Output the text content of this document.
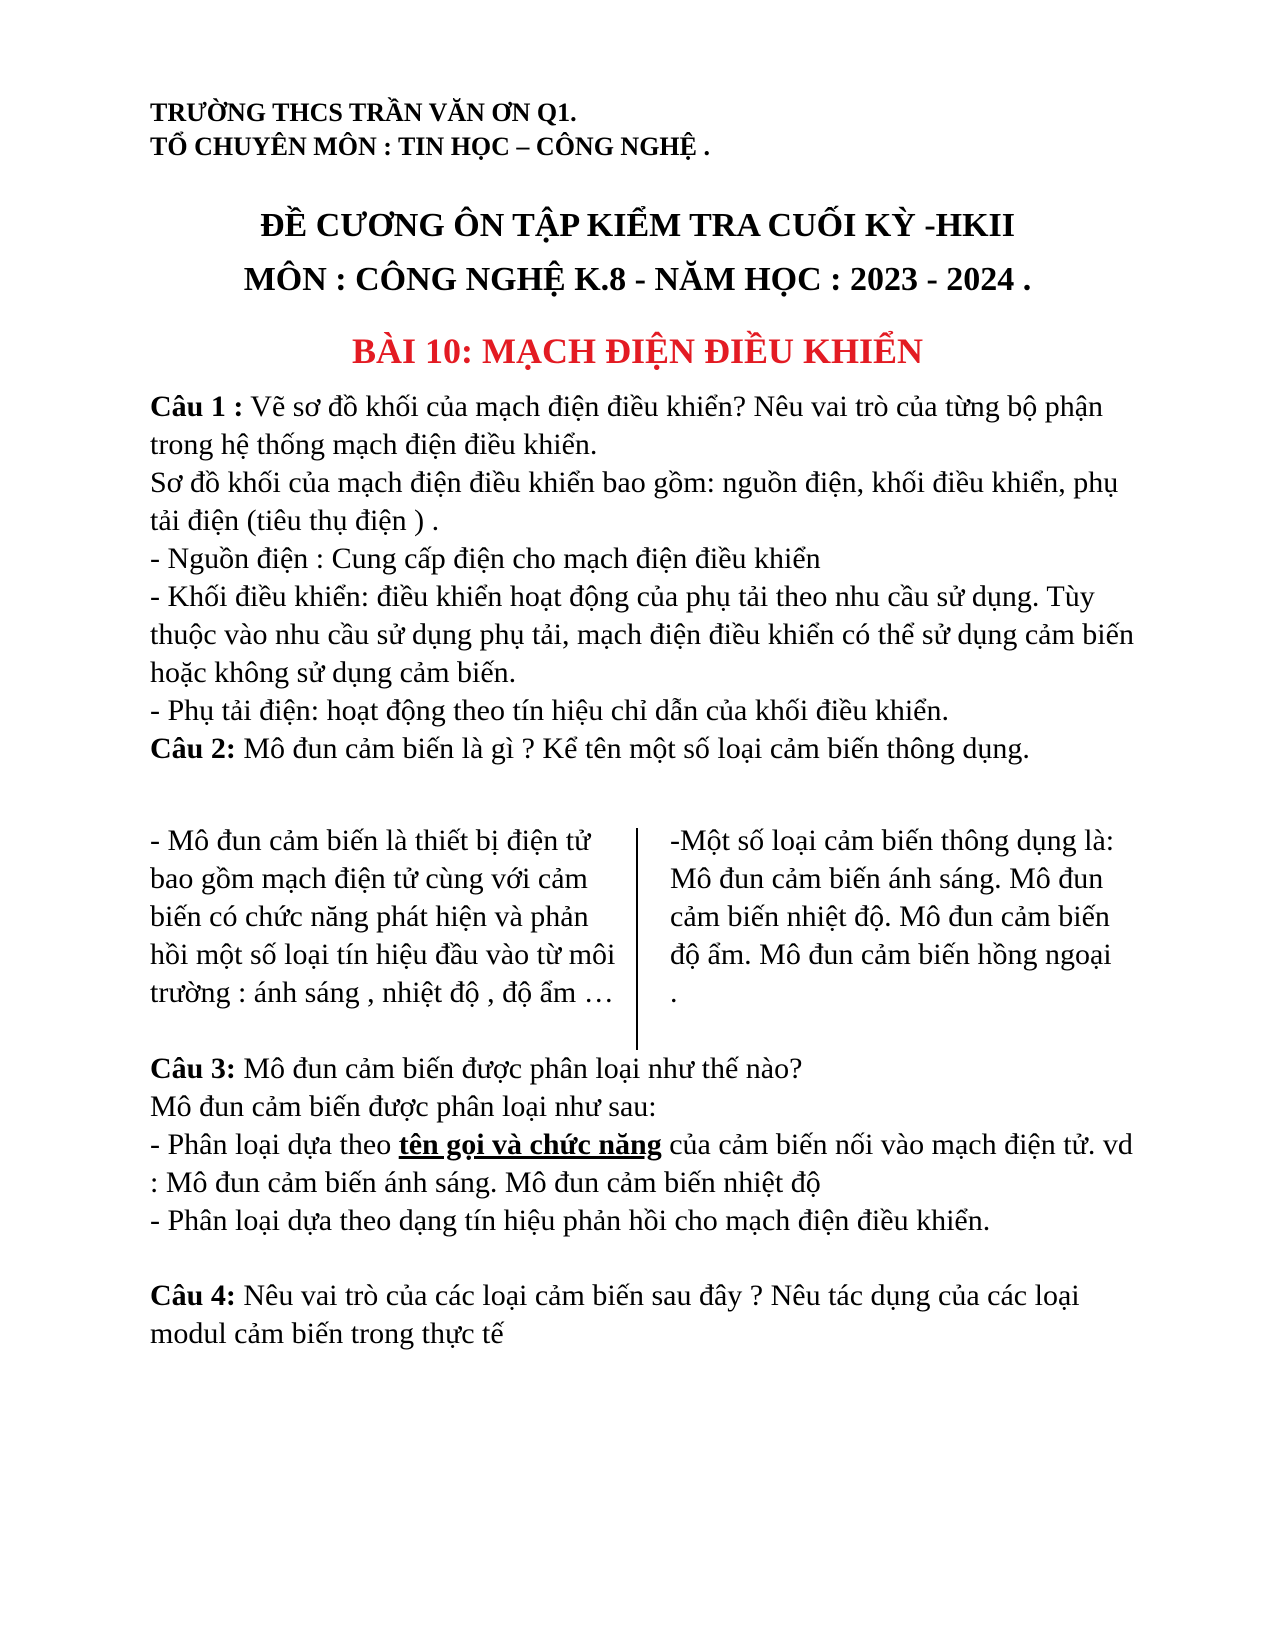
TRƯỜNG THCS TRẦN VĂN ƠN Q1.

TỔ CHUYÊN MÔN : TIN HỌC – CÔNG NGHỆ .

ĐỀ CƯƠNG ÔN TẬP KIỂM TRA CUỐI KỲ -HKII

MÔN : CÔNG NGHỆ K.8 - NĂM HỌC : 2023 - 2024 .

BÀI 10: MẠCH ĐIỆN ĐIỀU KHIỂN

Câu 1 : Vẽ sơ đồ khối của mạch điện điều khiển? Nêu vai trò của từng bộ phận trong hệ thống mạch điện điều khiển.

Sơ đồ khối của mạch điện điều khiển bao gồm: nguồn điện, khối điều khiển, phụ tải điện (tiêu thụ điện ) .

- Nguồn điện : Cung cấp điện cho mạch điện điều khiển

- Khối điều khiển: điều khiển hoạt động của phụ tải theo nhu cầu sử dụng. Tùy thuộc vào nhu cầu sử dụng phụ tải, mạch điện điều khiển có thể sử dụng cảm biến hoặc không sử dụng cảm biến.

- Phụ tải điện: hoạt động theo tín hiệu chỉ dẫn của khối điều khiển.

Câu 2: Mô đun cảm biến là gì ? Kể tên một số loại cảm biến thông dụng.

- Mô đun cảm biến là thiết bị điện tử bao gồm mạch điện tử cùng với cảm biến có chức năng phát hiện và phản hồi một số loại tín hiệu đầu vào từ môi trường : ánh sáng , nhiệt độ , độ ẩm …

-Một số loại cảm biến thông dụng là:

Mô đun cảm biến ánh sáng. Mô đun cảm biến nhiệt độ. Mô đun cảm biến độ ẩm. Mô đun cảm biến hồng ngoại .

Câu 3: Mô đun cảm biến được phân loại như thế nào?

Mô đun cảm biến được phân loại như sau:

- Phân loại dựa theo tên gọi và chức năng của cảm biến nối vào mạch điện tử. vd : Mô đun cảm biến ánh sáng. Mô đun cảm biến nhiệt độ

- Phân loại dựa theo dạng tín hiệu phản hồi cho mạch điện điều khiển.

Câu 4: Nêu vai trò của các loại cảm biến sau đây ? Nêu tác dụng của các loại modul cảm biến trong thực tế
